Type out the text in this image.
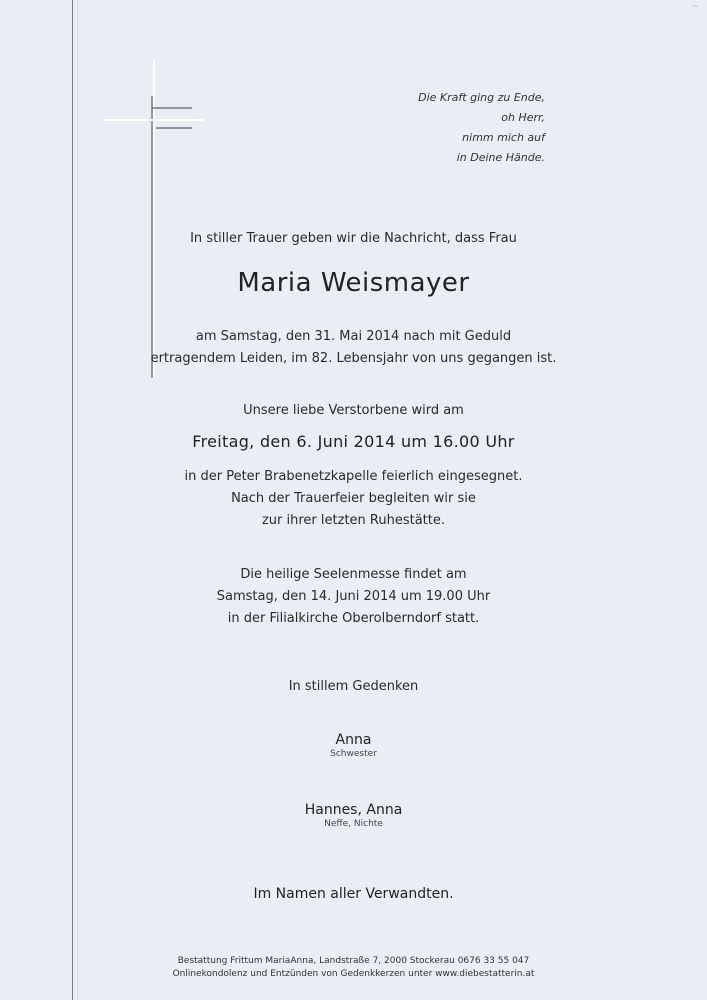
~
Die Kraft ging zu Ende,
oh Herr,
nimm mich auf
in Deine Hände.
In stiller Trauer geben wir die Nachricht, dass Frau
Maria Weismayer
am Samstag, den 31. Mai 2014 nach mit Geduld
ertragendem Leiden, im 82. Lebensjahr von uns gegangen ist.
Unsere liebe Verstorbene wird am
Freitag, den 6. Juni 2014 um 16.00 Uhr
in der Peter Brabenetzkapelle feierlich eingesegnet.
Nach der Trauerfeier begleiten wir sie
zur ihrer letzten Ruhestätte.
Die heilige Seelenmesse findet am
Samstag, den 14. Juni 2014 um 19.00 Uhr
in der Filialkirche Oberolberndorf statt.
In stillem Gedenken
Anna
Schwester
Hannes, Anna
Neffe, Nichte
Im Namen aller Verwandten.
Bestattung Frittum MariaAnna, Landstraße 7, 2000 Stockerau 0676 33 55 047
Onlinekondolenz und Entzünden von Gedenkkerzen unter www.diebestatterin.at
